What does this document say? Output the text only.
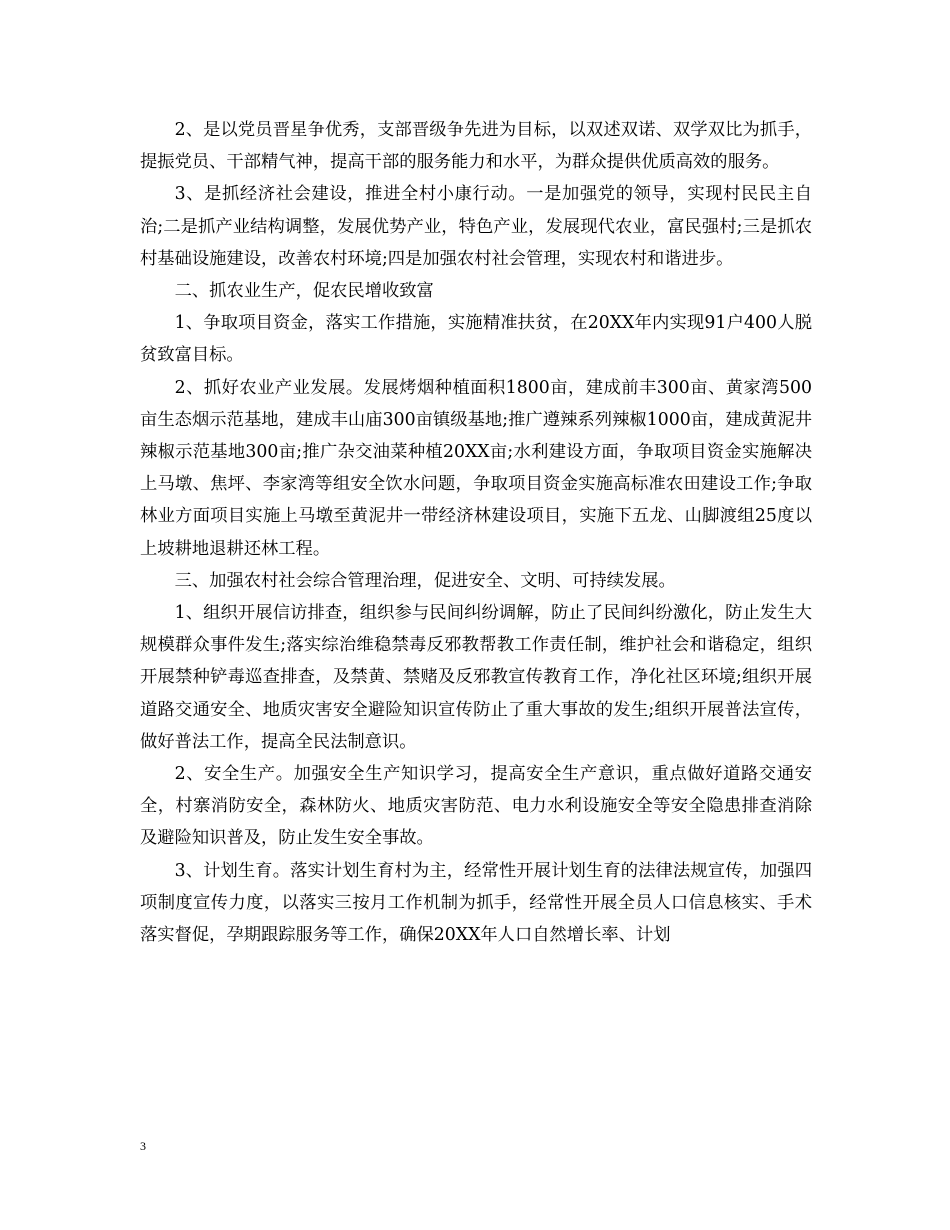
2、是以党员晋星争优秀，支部晋级争先进为目标，以双述双诺、双学双比为抓手，提振党员、干部精气神，提高干部的服务能力和水平，为群众提供优质高效的服务。

3、是抓经济社会建设，推进全村小康行动。一是加强党的领导，实现村民民主自治;二是抓产业结构调整，发展优势产业，特色产业，发展现代农业，富民强村;三是抓农村基础设施建设，改善农村环境;四是加强农村社会管理，实现农村和谐进步。

二、抓农业生产，促农民增收致富

1、争取项目资金，落实工作措施，实施精准扶贫，在20XX年内实现91户400人脱贫致富目标。

2、抓好农业产业发展。发展烤烟种植面积1800亩，建成前丰300亩、黄家湾500亩生态烟示范基地，建成丰山庙300亩镇级基地;推广遵辣系列辣椒1000亩，建成黄泥井辣椒示范基地300亩;推广杂交油菜种植20XX亩;水利建设方面，争取项目资金实施解决上马墩、焦坪、李家湾等组安全饮水问题，争取项目资金实施高标准农田建设工作;争取林业方面项目实施上马墩至黄泥井一带经济林建设项目，实施下五龙、山脚渡组25度以上坡耕地退耕还林工程。

三、加强农村社会综合管理治理，促进安全、文明、可持续发展。

1、组织开展信访排查，组织参与民间纠纷调解，防止了民间纠纷激化，防止发生大规模群众事件发生;落实综治维稳禁毒反邪教帮教工作责任制，维护社会和谐稳定，组织开展禁种铲毒巡查排查，及禁黄、禁赌及反邪教宣传教育工作，净化社区环境;组织开展道路交通安全、地质灾害安全避险知识宣传防止了重大事故的发生;组织开展普法宣传，做好普法工作，提高全民法制意识。

2、安全生产。加强安全生产知识学习，提高安全生产意识，重点做好道路交通安全，村寨消防安全，森林防火、地质灾害防范、电力水利设施安全等安全隐患排查消除及避险知识普及，防止发生安全事故。

3、计划生育。落实计划生育村为主，经常性开展计划生育的法律法规宣传，加强四项制度宣传力度，以落实三按月工作机制为抓手，经常性开展全员人口信息核实、手术落实督促，孕期跟踪服务等工作，确保20XX年人口自然增长率、计划

3
